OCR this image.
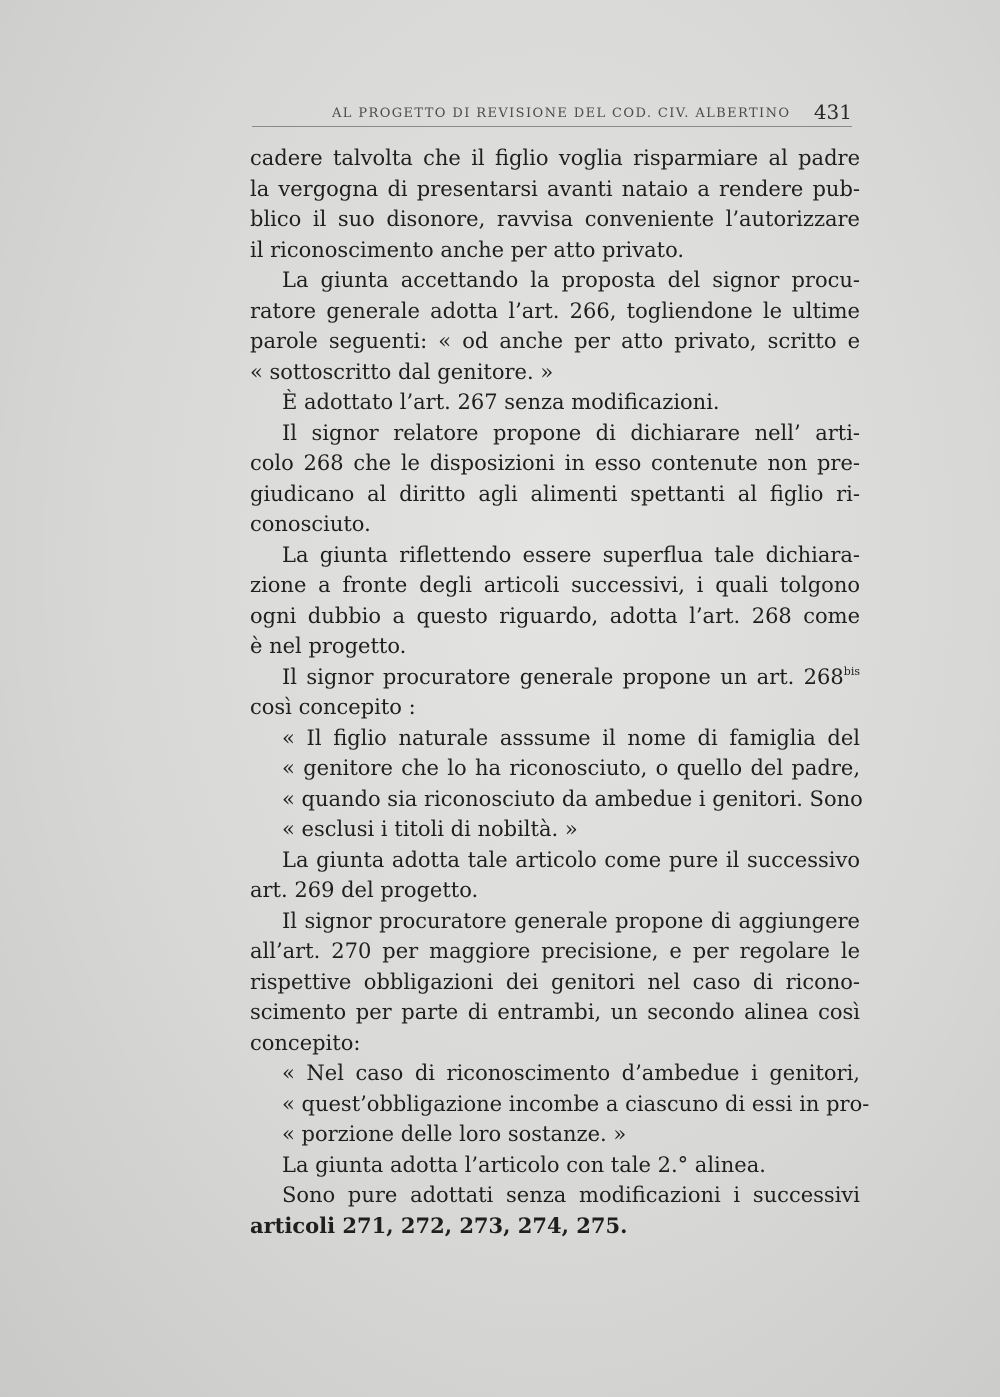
AL PROGETTO DI REVISIONE DEL COD. CIV. ALBERTINO 431
cadere talvolta che il figlio voglia risparmiare al padre
la vergogna di presentarsi avanti nataio a rendere pub-
blico il suo disonore, ravvisa conveniente l’autorizzare
il riconoscimento anche per atto privato.
La giunta accettando la proposta del signor procu-
ratore generale adotta l’art. 266, togliendone le ultime
parole seguenti: « od anche per atto privato, scritto e
« sottoscritto dal genitore. »
È adottato l’art. 267 senza modificazioni.
Il signor relatore propone di dichiarare nell’ arti-
colo 268 che le disposizioni in esso contenute non pre-
giudicano al diritto agli alimenti spettanti al figlio ri-
conosciuto.
La giunta riflettendo essere superflua tale dichiara-
zione a fronte degli articoli successivi, i quali tolgono
ogni dubbio a questo riguardo, adotta l’art. 268 come
è nel progetto.
Il signor procuratore generale propone un art. $268^{bis}$
così concepito :
« Il figlio naturale asssume il nome di famiglia del
« genitore che lo ha riconosciuto, o quello del padre,
« quando sia riconosciuto da ambedue i genitori. Sono
« esclusi i titoli di nobiltà. »
La giunta adotta tale articolo come pure il successivo
art. 269 del progetto.
Il signor procuratore generale propone di aggiungere
all’art. 270 per maggiore precisione, e per regolare le
rispettive obbligazioni dei genitori nel caso di ricono-
scimento per parte di entrambi, un secondo alinea così
concepito:
« Nel caso di riconoscimento d’ambedue i genitori,
« quest’obbligazione incombe a ciascuno di essi in pro-
« porzione delle loro sostanze. »
La giunta adotta l’articolo con tale 2.° alinea.
Sono pure adottati senza modificazioni i successivi
articoli 271, 272, 273, 274, 275.
